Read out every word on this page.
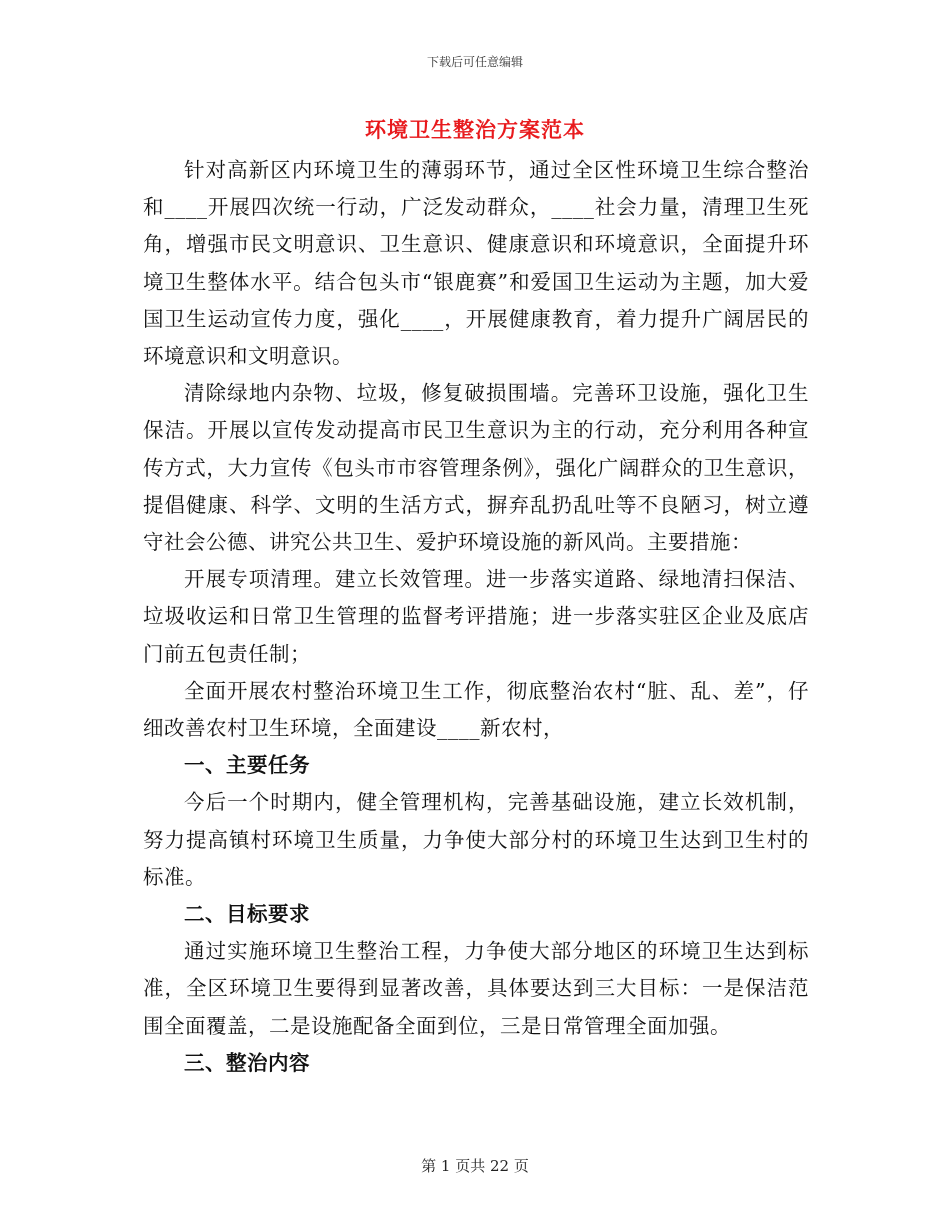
下载后可任意编辑
环境卫生整治方案范本

针对高新区内环境卫生的薄弱环节，通过全区性环境卫生综合整治和____开展四次统一行动，广泛发动群众，____社会力量，清理卫生死角，增强市民文明意识、卫生意识、健康意识和环境意识，全面提升环境卫生整体水平。结合包头市“银鹿赛”和爱国卫生运动为主题，加大爱国卫生运动宣传力度，强化____，开展健康教育，着力提升广阔居民的环境意识和文明意识。

清除绿地内杂物、垃圾，修复破损围墙。完善环卫设施，强化卫生保洁。开展以宣传发动提高市民卫生意识为主的行动，充分利用各种宣传方式，大力宣传《包头市市容管理条例》，强化广阔群众的卫生意识，提倡健康、科学、文明的生活方式，摒弃乱扔乱吐等不良陋习，树立遵守社会公德、讲究公共卫生、爱护环境设施的新风尚。主要措施：

开展专项清理。建立长效管理。进一步落实道路、绿地清扫保洁、垃圾收运和日常卫生管理的监督考评措施；进一步落实驻区企业及底店门前五包责任制；

全面开展农村整治环境卫生工作，彻底整治农村“脏、乱、差”，仔细改善农村卫生环境，全面建设____新农村，

一、主要任务

今后一个时期内，健全管理机构，完善基础设施，建立长效机制，努力提高镇村环境卫生质量，力争使大部分村的环境卫生达到卫生村的标准。

二、目标要求

通过实施环境卫生整治工程，力争使大部分地区的环境卫生达到标准，全区环境卫生要得到显著改善，具体要达到三大目标：一是保洁范围全面覆盖，二是设施配备全面到位，三是日常管理全面加强。

三、整治内容

第 1 页共 22 页
